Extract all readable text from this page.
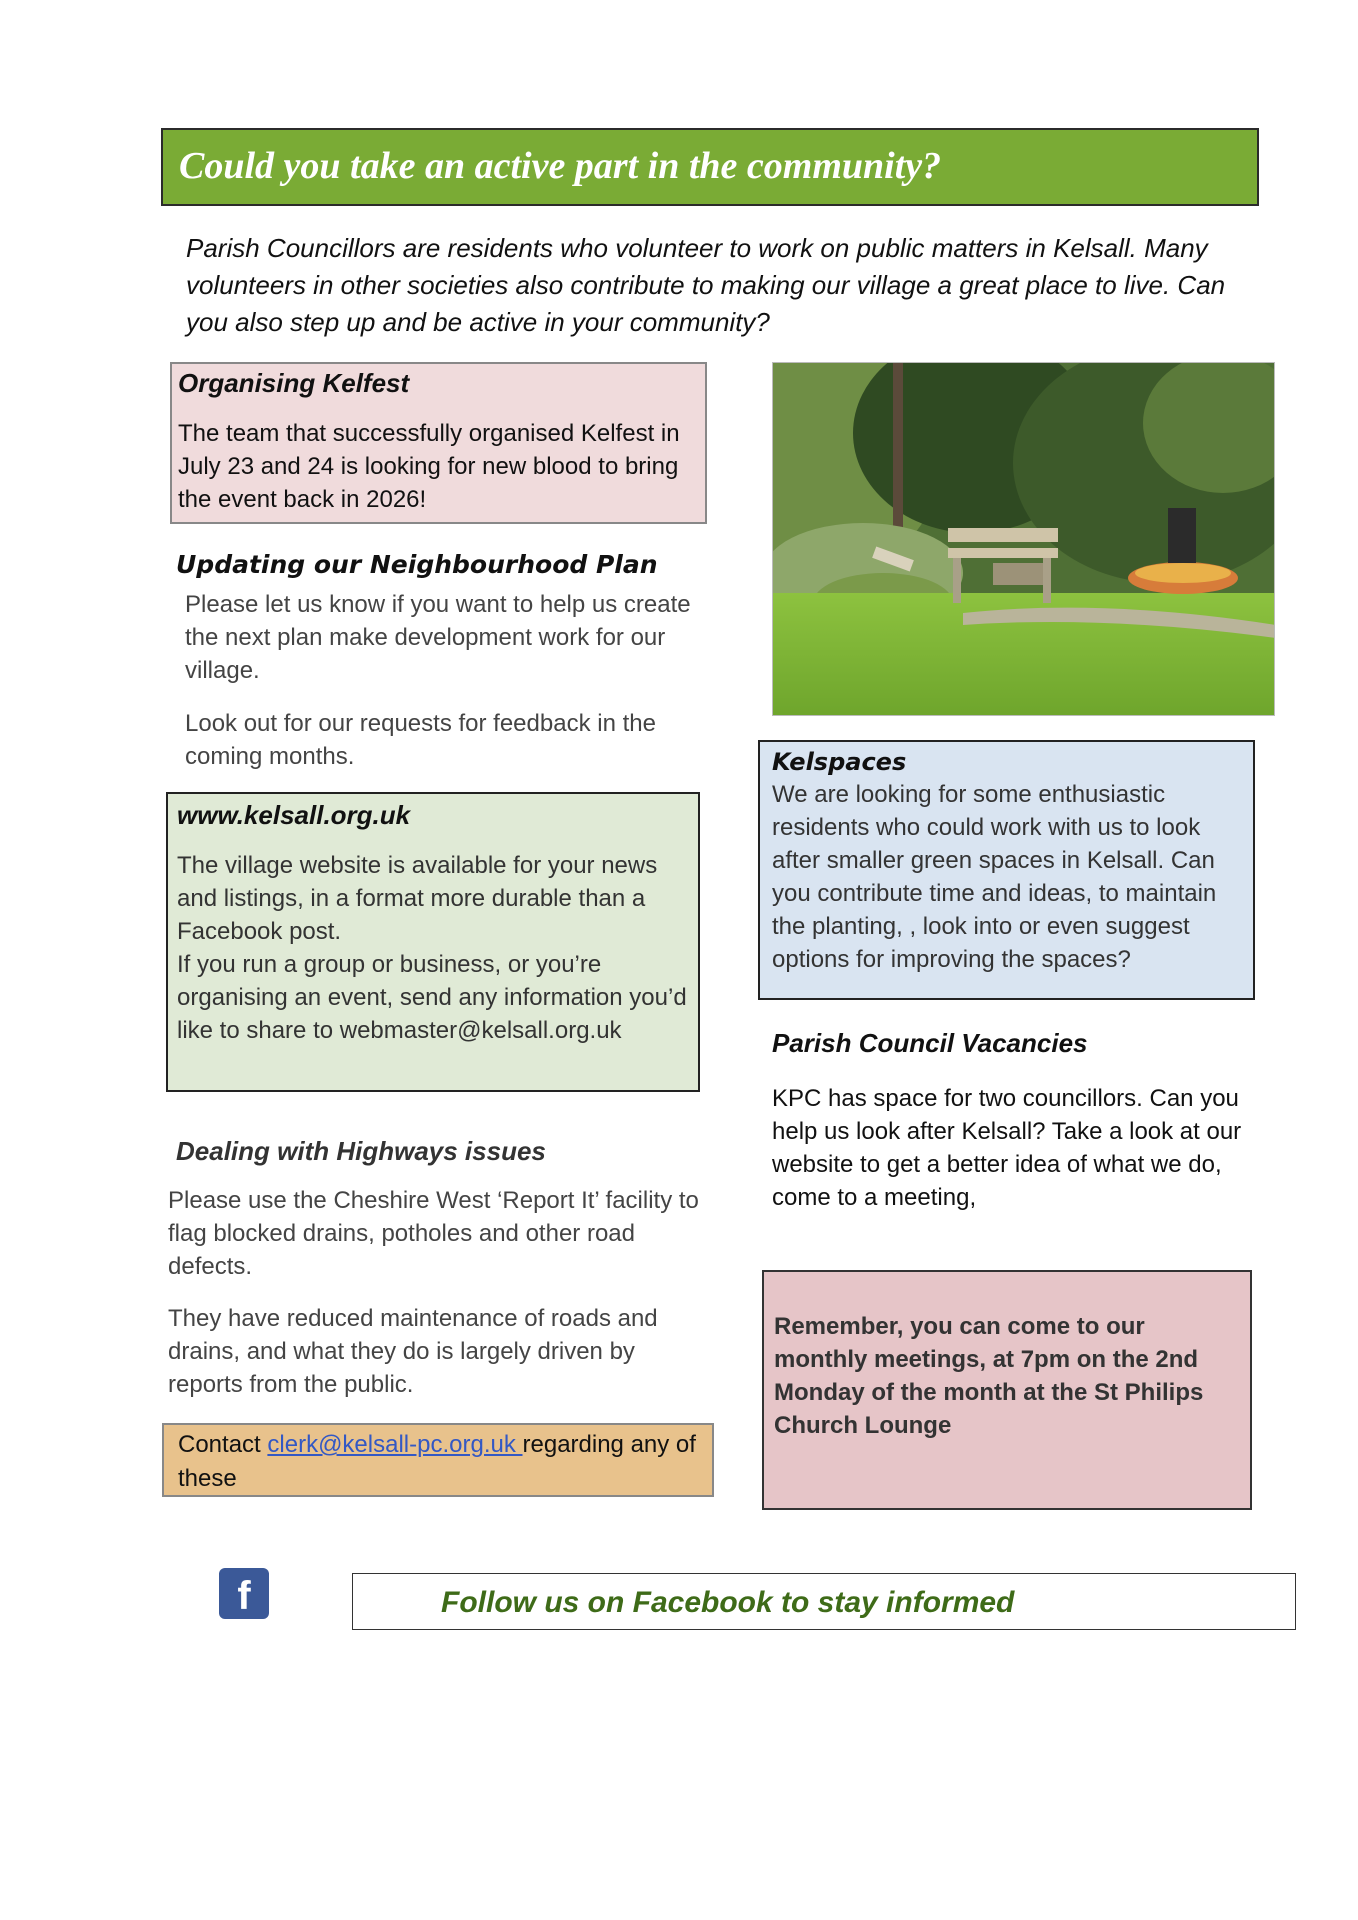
Could you take an active part in the community?
Parish Councillors are residents who volunteer to work on public matters in Kelsall. Many volunteers in other societies also contribute to making our village a great place to live. Can you also step up and be active in your community?
Organising Kelfest
The team that successfully organised Kelfest in July 23 and 24 is looking for new blood to bring the event back in 2026!
Updating our Neighbourhood Plan
Please let us know if you want to help us create the next plan make development work for our village.
Look out for our requests for feedback in the coming months.
www.kelsall.org.uk
The village website is available for your news and listings, in a format more durable than a Facebook post.
If you run a group or business, or you’re organising an event, send any information you’d like to share to webmaster@kelsall.org.uk
Dealing with Highways issues
Please use the Cheshire West ‘Report It’ facility to flag blocked drains, potholes and other road defects.
They have reduced maintenance of roads and drains, and what they do is largely driven by reports from the public.
Contact clerk@kelsall-pc.org.uk regarding any of these
Kelspaces
We are looking for some enthusiastic residents who could work with us to look after smaller green spaces in Kelsall. Can you contribute time and ideas, to maintain the planting, , look into or even suggest options for improving the spaces?
Parish Council Vacancies
KPC has space for two councillors. Can you help us look after Kelsall? Take a look at our website to get a better idea of what we do, come to a meeting,
Remember, you can come to our monthly meetings, at 7pm on the 2nd Monday of the month at the St Philips Church Lounge
f	Follow us on Facebook to stay informed
